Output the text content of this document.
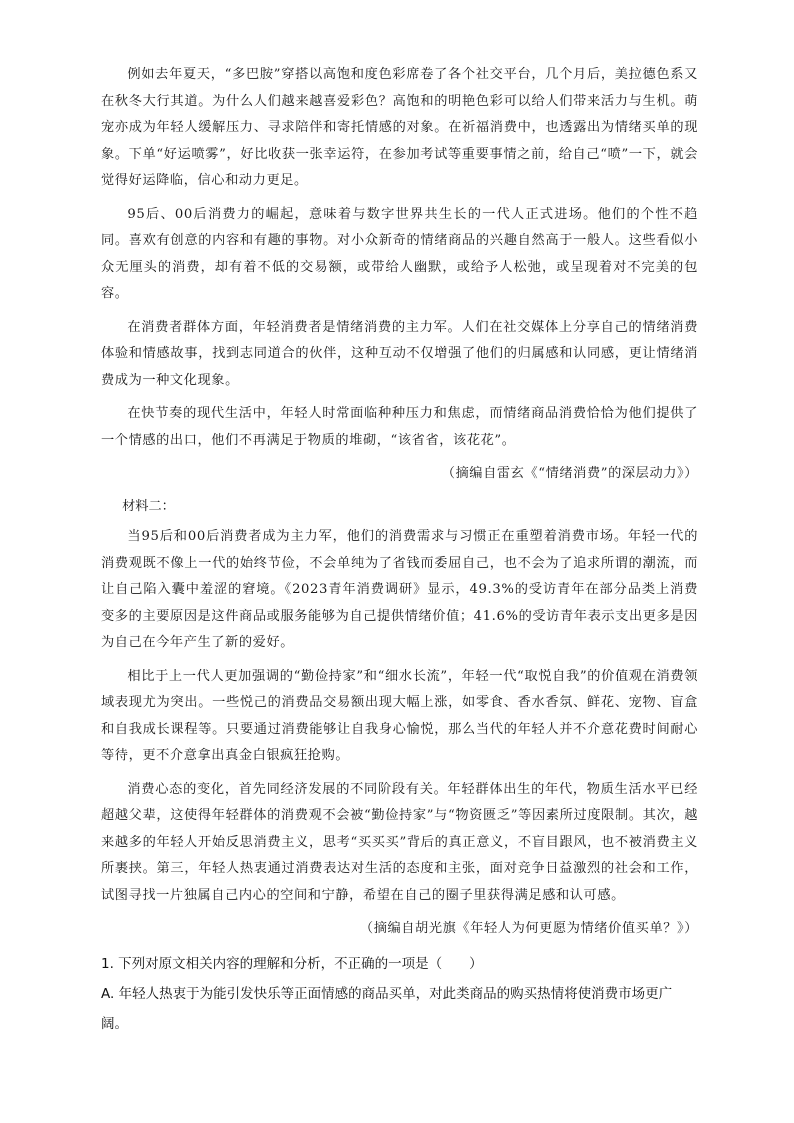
例如去年夏天，“多巴胺”穿搭以高饱和度色彩席卷了各个社交平台，几个月后，美拉德色系又在秋冬大行其道。为什么人们越来越喜爱彩色？高饱和的明艳色彩可以给人们带来活力与生机。萌宠亦成为年轻人缓解压力、寻求陪伴和寄托情感的对象。在祈福消费中，也透露出为情绪买单的现象。下单“好运喷雾”，好比收获一张幸运符，在参加考试等重要事情之前，给自己“喷”一下，就会觉得好运降临，信心和动力更足。

95后、00后消费力的崛起，意味着与数字世界共生长的一代人正式进场。他们的个性不趋同。喜欢有创意的内容和有趣的事物。对小众新奇的情绪商品的兴趣自然高于一般人。这些看似小众无厘头的消费，却有着不低的交易额，或带给人幽默，或给予人松弛，或呈现着对不完美的包容。

在消费者群体方面，年轻消费者是情绪消费的主力军。人们在社交媒体上分享自己的情绪消费体验和情感故事，找到志同道合的伙伴，这种互动不仅增强了他们的归属感和认同感，更让情绪消费成为一种文化现象。

在快节奏的现代生活中，年轻人时常面临种种压力和焦虑，而情绪商品消费恰恰为他们提供了一个情感的出口，他们不再满足于物质的堆砌，“该省省，该花花”。

（摘编自雷玄《“情绪消费”的深层动力》）

材料二：

当95后和00后消费者成为主力军，他们的消费需求与习惯正在重塑着消费市场。年轻一代的消费观既不像上一代的始终节俭，不会单纯为了省钱而委屈自己，也不会为了追求所谓的潮流，而让自己陷入囊中羞涩的窘境。《2023青年消费调研》显示，49.3%的受访青年在部分品类上消费变多的主要原因是这件商品或服务能够为自己提供情绪价值；41.6%的受访青年表示支出更多是因为自己在今年产生了新的爱好。

相比于上一代人更加强调的“勤俭持家”和“细水长流”，年轻一代“取悦自我”的价值观在消费领域表现尤为突出。一些悦己的消费品交易额出现大幅上涨，如零食、香水香氛、鲜花、宠物、盲盒和自我成长课程等。只要通过消费能够让自我身心愉悦，那么当代的年轻人并不介意花费时间耐心等待，更不介意拿出真金白银疯狂抢购。

消费心态的变化，首先同经济发展的不同阶段有关。年轻群体出生的年代，物质生活水平已经超越父辈，这使得年轻群体的消费观不会被“勤俭持家”与“物资匮乏”等因素所过度限制。其次，越来越多的年轻人开始反思消费主义，思考“买买买”背后的真正意义，不盲目跟风，也不被消费主义所裹挟。第三，年轻人热衷通过消费表达对生活的态度和主张，面对竞争日益激烈的社会和工作，试图寻找一片独属自己内心的空间和宁静，希望在自己的圈子里获得满足感和认可感。

（摘编自胡光旗《年轻人为何更愿为情绪价值买单？》）

1. 下列对原文相关内容的理解和分析，不正确的一项是（　　）

A. 年轻人热衷于为能引发快乐等正面情感的商品买单，对此类商品的购买热情将使消费市场更广阔。
